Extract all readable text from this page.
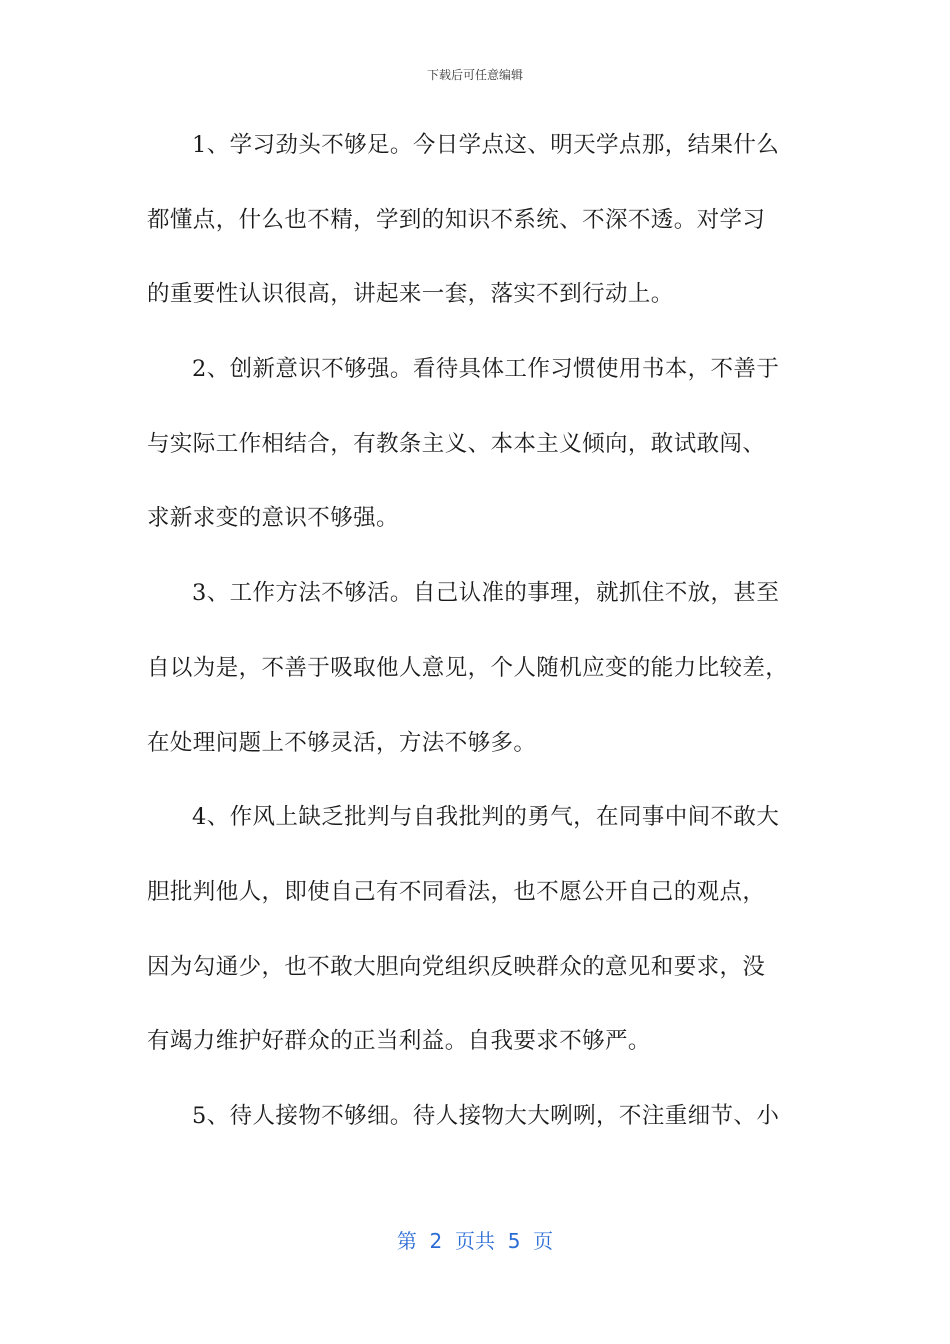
下载后可任意编辑
1、学习劲头不够足。今日学点这、明天学点那，结果什么
都懂点，什么也不精，学到的知识不系统、不深不透。对学习
的重要性认识很高，讲起来一套，落实不到行动上。
2、创新意识不够强。看待具体工作习惯使用书本，不善于
与实际工作相结合，有教条主义、本本主义倾向，敢试敢闯、
求新求变的意识不够强。
3、工作方法不够活。自己认准的事理，就抓住不放，甚至
自以为是，不善于吸取他人意见，个人随机应变的能力比较差，
在处理问题上不够灵活，方法不够多。
4、作风上缺乏批判与自我批判的勇气，在同事中间不敢大
胆批判他人，即使自己有不同看法，也不愿公开自己的观点，
因为勾通少，也不敢大胆向党组织反映群众的意见和要求，没
有竭力维护好群众的正当利益。自我要求不够严。
5、待人接物不够细。待人接物大大咧咧，不注重细节、小
第  2  页共  5  页
